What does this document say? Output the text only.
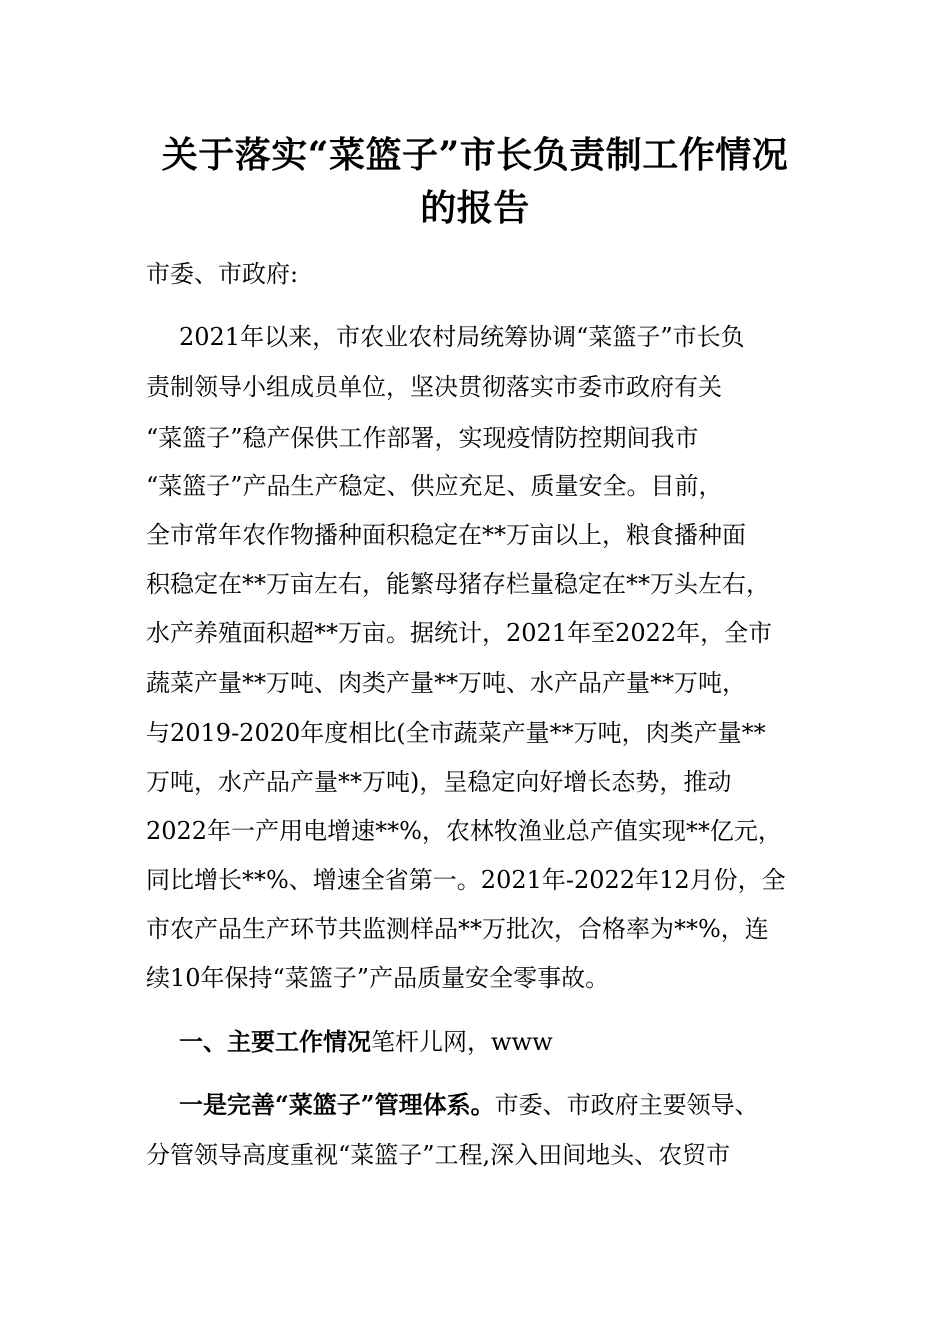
关于落实“菜篮子”市长负责制工作情况
的报告
市委、市政府:
2021年以来，市农业农村局统筹协调“菜篮子”市长负
责制领导小组成员单位，坚决贯彻落实市委市政府有关
“菜篮子”稳产保供工作部署，实现疫情防控期间我市
“菜篮子”产品生产稳定、供应充足、质量安全。目前，
全市常年农作物播种面积稳定在**万亩以上，粮食播种面
积稳定在**万亩左右，能繁母猪存栏量稳定在**万头左右，
水产养殖面积超**万亩。据统计，2021年至2022年，全市
蔬菜产量**万吨、肉类产量**万吨、水产品产量**万吨，
与2019-2020年度相比(全市蔬菜产量**万吨，肉类产量**
万吨，水产品产量**万吨)，呈稳定向好增长态势，推动
2022年一产用电增速**%，农林牧渔业总产值实现**亿元，
同比增长**%、增速全省第一。2021年-2022年12月份，全
市农产品生产环节共监测样品**万批次，合格率为**%，连
续10年保持“菜篮子”产品质量安全零事故。
一、主要工作情况笔杆儿网，www
一是完善“菜篮子”管理体系。市委、市政府主要领导、
分管领导高度重视“菜篮子”工程,深入田间地头、农贸市
